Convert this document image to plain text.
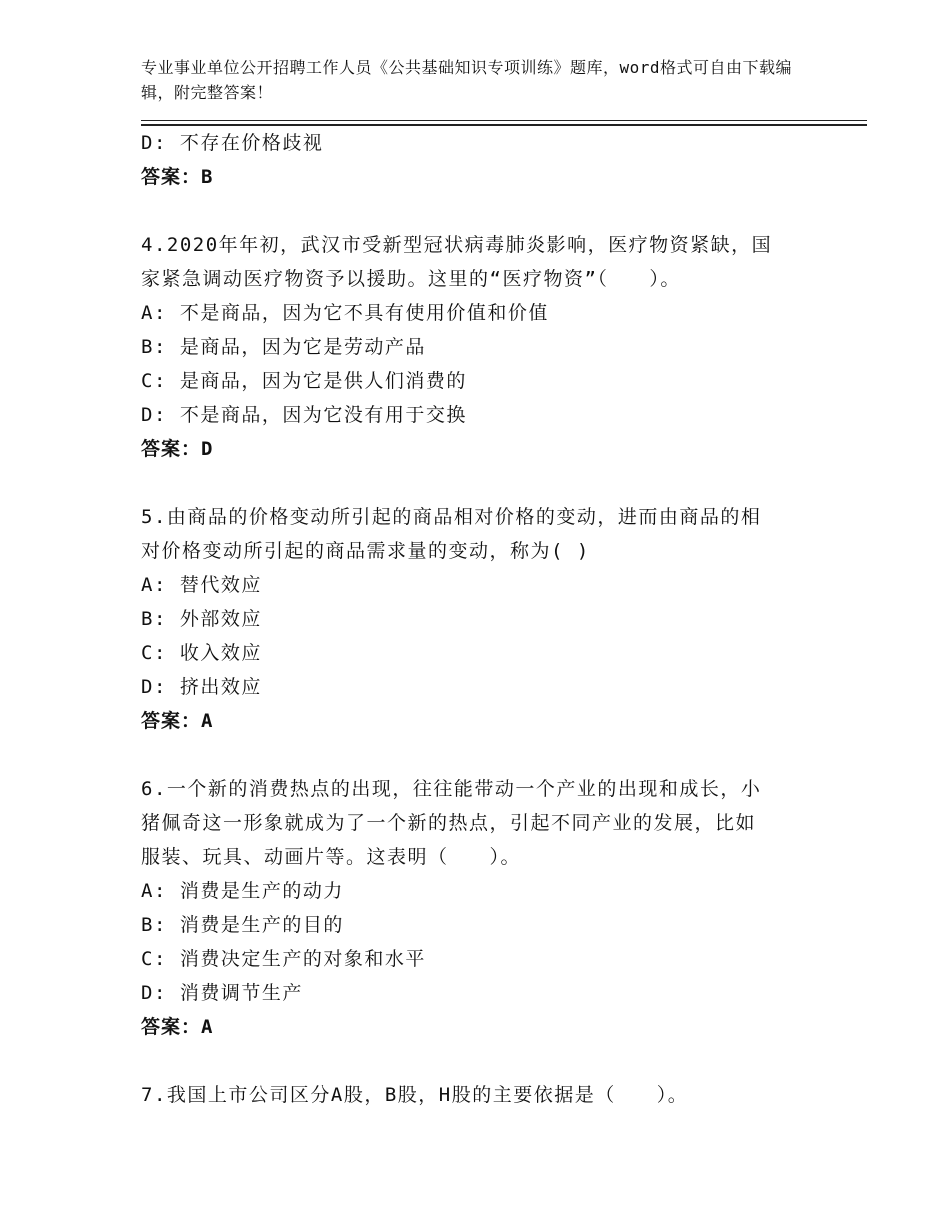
专业事业单位公开招聘工作人员《公共基础知识专项训练》题库，word格式可自由下载编辑，附完整答案！
D: 不存在价格歧视
答案：B
4.2020年年初，武汉市受新型冠状病毒肺炎影响，医疗物资紧缺，国
家紧急调动医疗物资予以援助。这里的“医疗物资”（　　）。
A: 不是商品，因为它不具有使用价值和价值
B: 是商品，因为它是劳动产品
C: 是商品，因为它是供人们消费的
D: 不是商品，因为它没有用于交换
答案：D
5.由商品的价格变动所引起的商品相对价格的变动，进而由商品的相
对价格变动所引起的商品需求量的变动，称为( )
A: 替代效应
B: 外部效应
C: 收入效应
D: 挤出效应
答案：A
6.一个新的消费热点的出现，往往能带动一个产业的出现和成长，小
猪佩奇这一形象就成为了一个新的热点，引起不同产业的发展，比如
服装、玩具、动画片等。这表明（　　）。
A: 消费是生产的动力
B: 消费是生产的目的
C: 消费决定生产的对象和水平
D: 消费调节生产
答案：A
7.我国上市公司区分A股，B股，H股的主要依据是（　　）。
